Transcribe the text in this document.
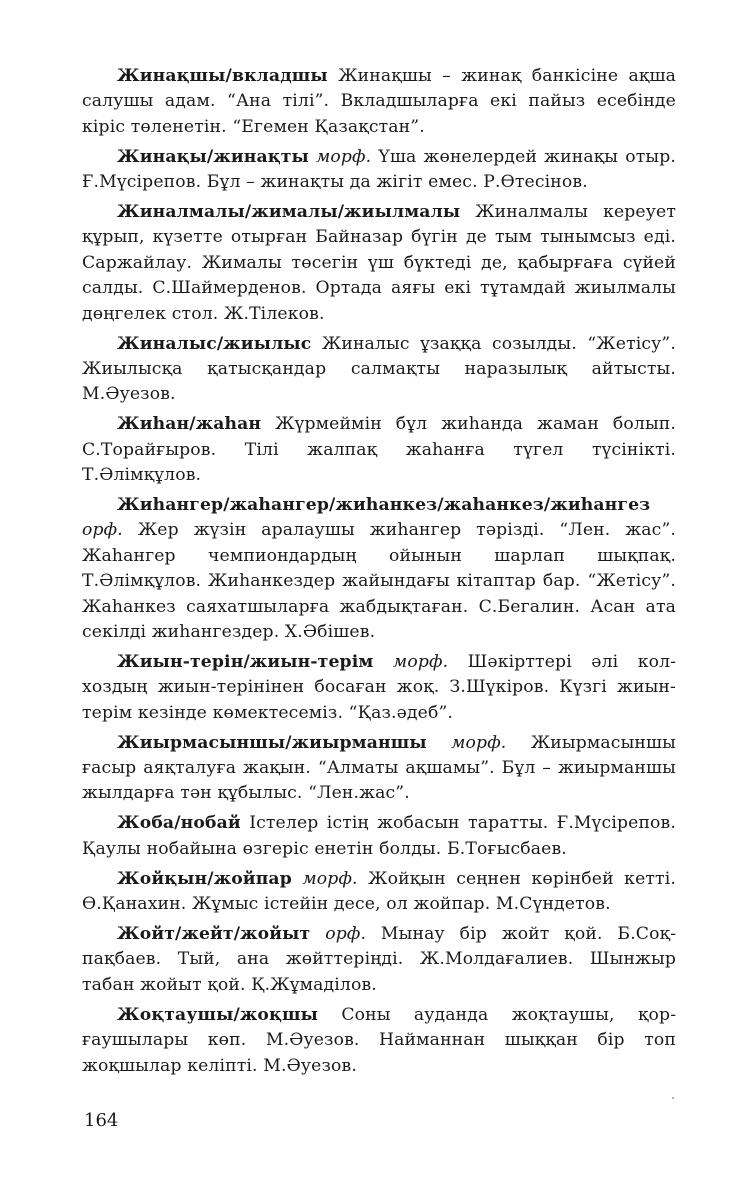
Жинақшы/вкладшы Жинақшы – жинақ банкісіне ақша салушы адам. “Ана тілі”. Вкладшыларға екі пайыз есебінде кіріс төленетін. “Егемен Қазақстан”.

Жинақы/жинақты морф. Үша жөнелердей жинақы отыр. Ғ.Мүсірепов. Бұл – жинақты да жігіт емес. Р.Өтесінов.

Жиналмалы/жималы/жиылмалы Жиналмалы кереует құрып, күзетте отырған Байназар бүгін де тым тынымсыз еді. Саржайлау. Жималы төсегін үш бүктеді де, қабырғаға сүйей салды. С.Шаймерденов. Ортада аяғы екі тұтамдай жиылмалы дөңгелек стол. Ж.Тілеков.

Жиналыс/жиылыс Жиналыс ұзаққа созылды. “Жетісу”. Жиылысқа қатысқандар салмақты наразылық айтысты. М.Әуезов.

Жиһан/жаһан Жүрмеймін бұл жиһанда жаман болып. С.Торайғыров. Тілі жалпақ жаһанға түгел түсінікті. Т.Әлімқұлов.

Жиһангер/жаһангер/жиһанкез/жаһанкез/жиһангез орф. Жер жүзін аралаушы жиһангер тәрізді. “Лен. жас”. Жаһангер чемпиондардың ойынын шарлап шықпақ. Т.Әлімқұлов. Жиһанкездер жайындағы кітаптар бар. “Жетісу”. Жаһанкез саяхатшыларға жабдықтаған. С.Бегалин. Асан ата секілді жиһангездер. Х.Әбішев.

Жиын-терін/жиын-терім морф. Шәкірттері әлі колхоздың жиын-терінінен босаған жоқ. З.Шүкіров. Күзгі жиын-терім кезінде көмектесеміз. “Қаз.әдеб”.

Жиырмасыншы/жиырманшы морф. Жиырмасыншы ғасыр аяқталуға жақын. “Алматы ақшамы”. Бұл – жиырманшы жылдарға тән құбылыс. “Лен.жас”.

Жоба/нобай Істелер істің жобасын таратты. Ғ.Мүсірепов. Қаулы нобайына өзгеріс енетін болды. Б.Тоғысбаев.

Жойқын/жойпар морф. Жойқын сеңнен көрінбей кетті. Ө.Қанахин. Жұмыс істейін десе, ол жойпар. М.Сүндетов.

Жойт/жейт/жойыт орф. Мынау бір жойт қой. Б.Соқпақбаев. Тый, ана жөйттеріңді. Ж.Молдағалиев. Шынжыр табан жойыт қой. Қ.Жұмаділов.

Жоқтаушы/жоқшы Соны ауданда жоқтаушы, қорғаушылары көп. М.Әуезов. Найманнан шыққан бір топ жоқшылар келіпті. М.Әуезов.

164
